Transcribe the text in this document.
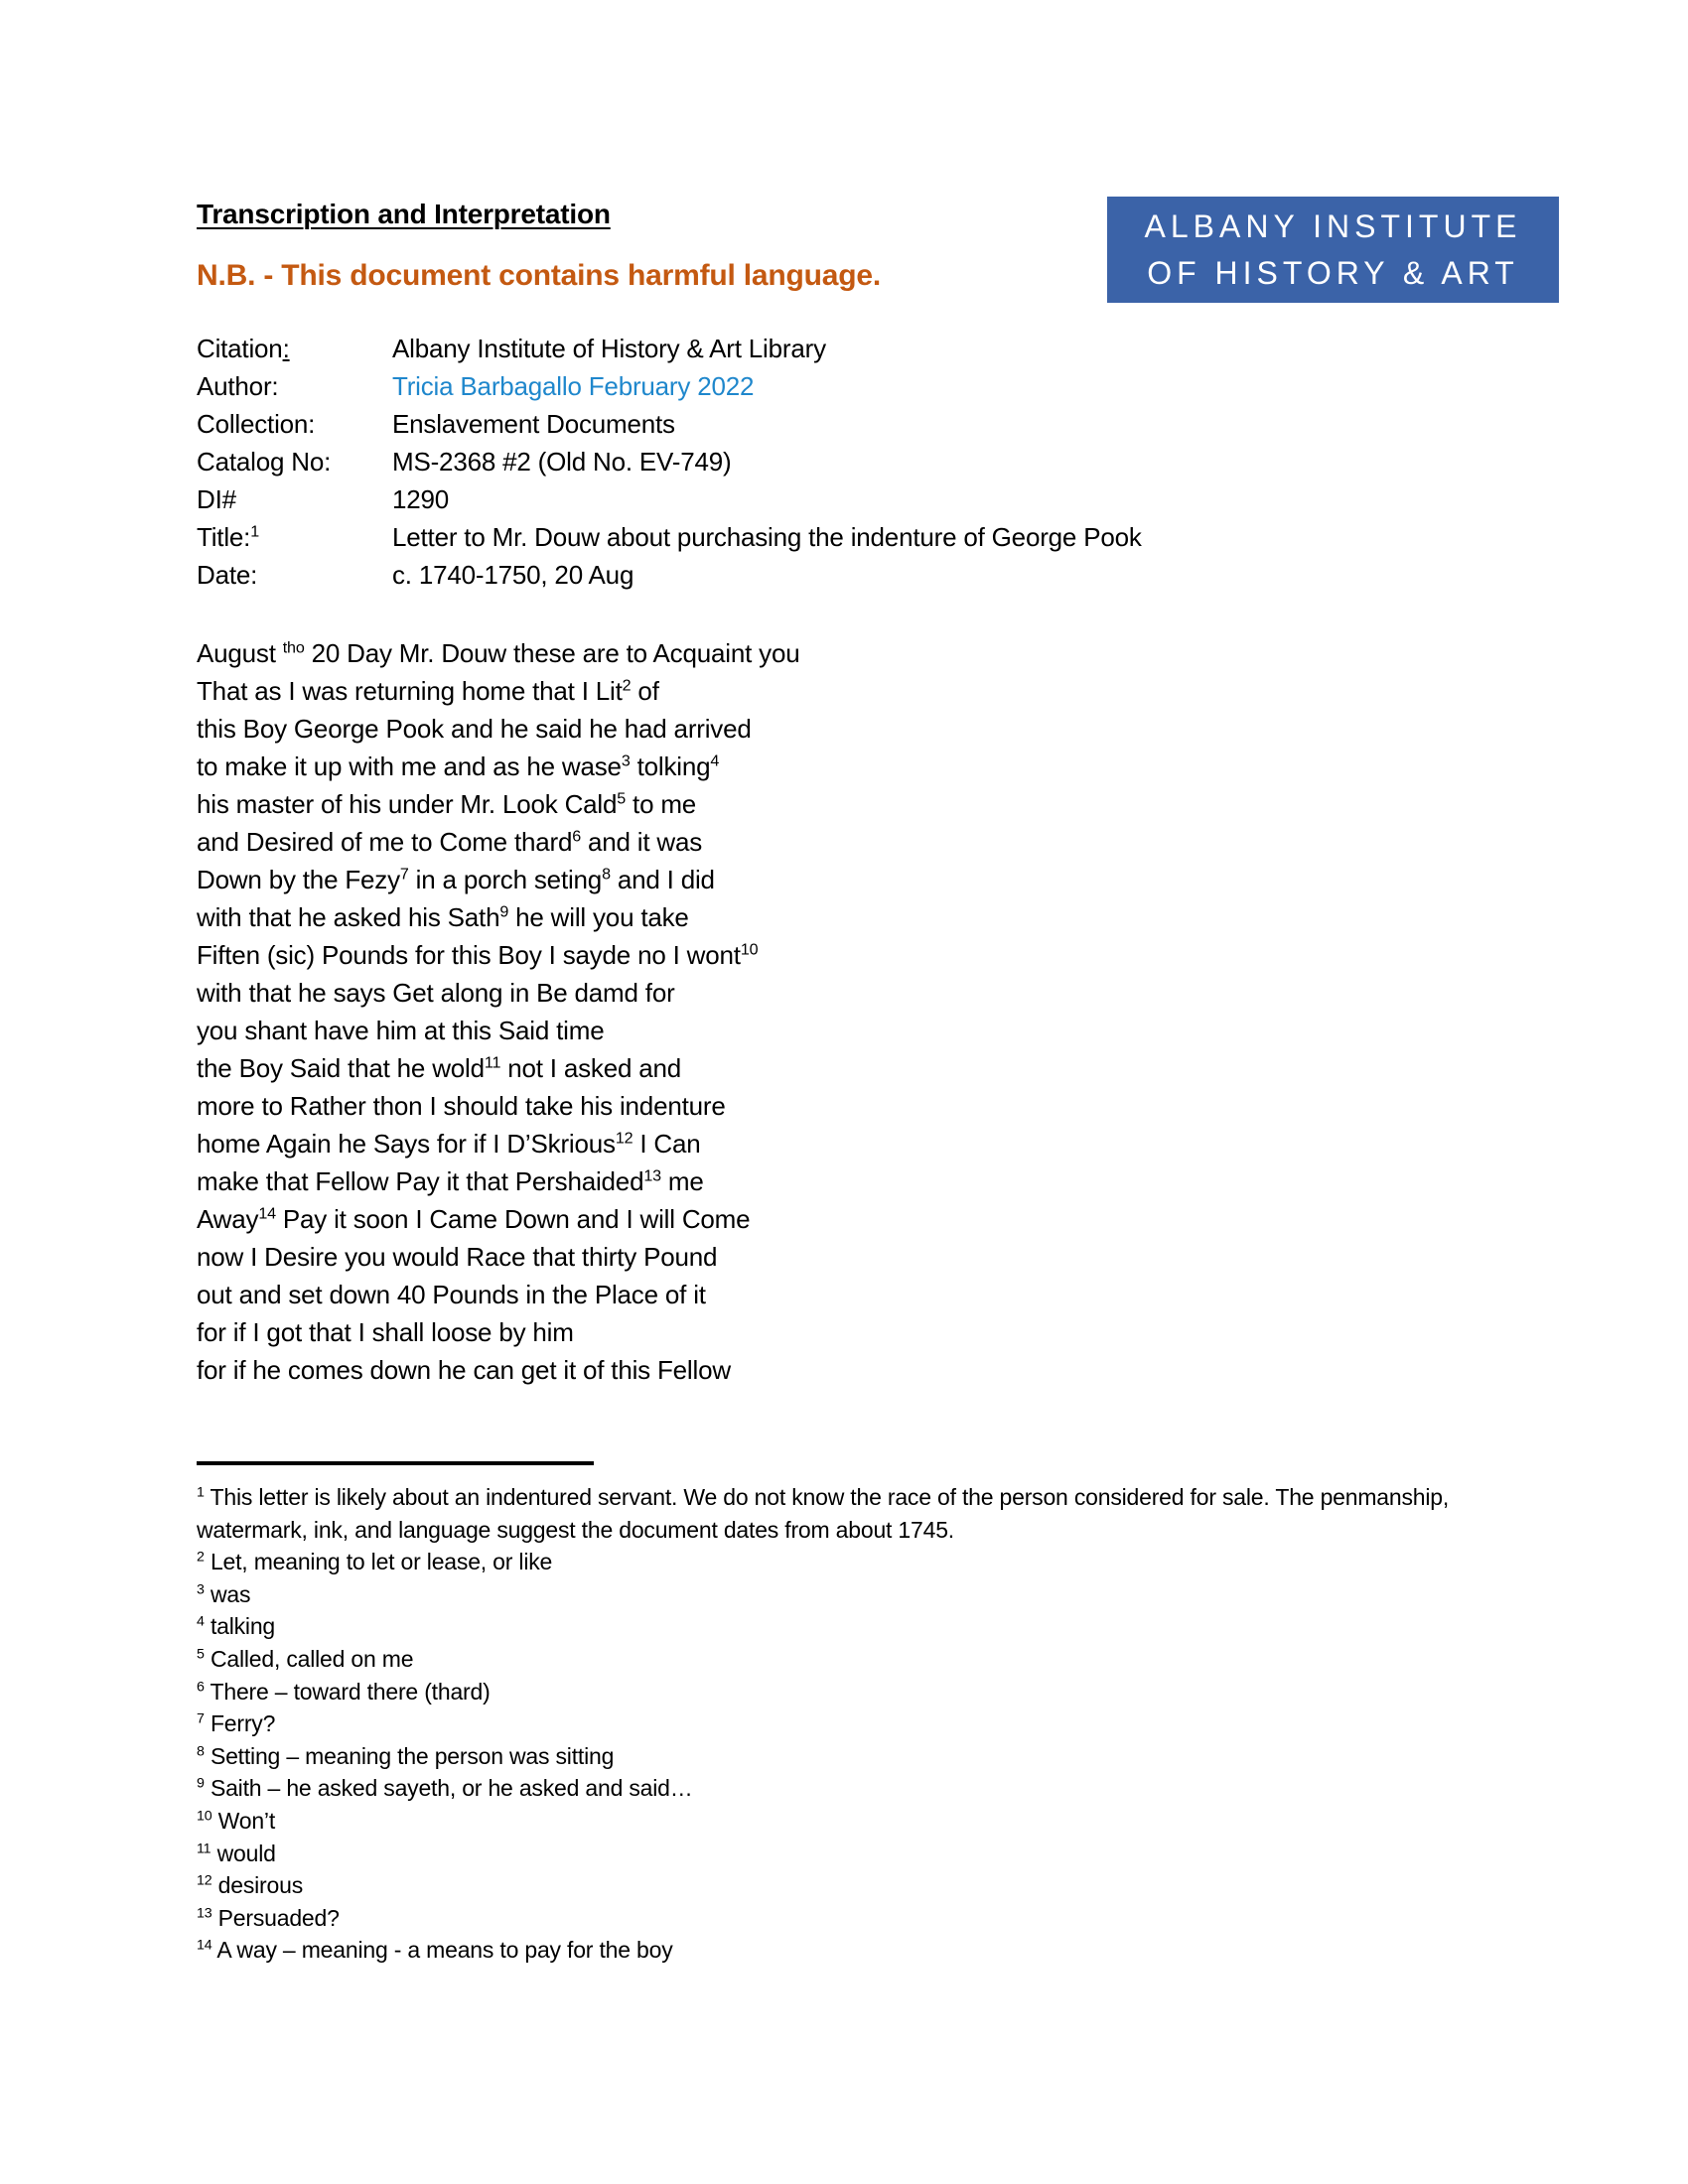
Transcription and Interpretation	ALBANY INSTITUTE
OF HISTORY & ART
N.B. - This document contains harmful language.
Citation:	Albany Institute of History & Art Library
Author:	Tricia Barbagallo February 2022
Collection:	Enslavement Documents
Catalog No:	MS-2368 #2 (Old No. EV-749)
DI#	1290
Title:$^1$	Letter to Mr. Douw about purchasing the indenture of George Pook
Date:	c. 1740-1750, 20 Aug
August $^{tho}$ 20 Day Mr. Douw these are to Acquaint you
That as I was returning home that I Lit$^2$ of
this Boy George Pook and he said he had arrived
to make it up with me and as he wase$^3$ tolking$^4$
his master of his under Mr. Look Cald$^5$ to me
and Desired of me to Come thard$^6$ and it was
Down by the Fezy$^7$ in a porch seting$^8$ and I did
with that he asked his Sath$^9$ he will you take
Fiften (sic) Pounds for this Boy I sayde no I wont$^{10}$
with that he says Get along in Be damd for
you shant have him at this Said time
the Boy Said that he wold$^{11}$ not I asked and
more to Rather thon I should take his indenture
home Again he Says for if I D’Skrious$^{12}$ I Can
make that Fellow Pay it that Pershaided$^{13}$ me
Away$^{14}$ Pay it soon I Came Down and I will Come
now I Desire you would Race that thirty Pound
out and set down 40 Pounds in the Place of it
for if I got that I shall loose by him
for if he comes down he can get it of this Fellow
$^1$ This letter is likely about an indentured servant. We do not know the race of the person considered for sale. The penmanship, watermark, ink, and language suggest the document dates from about 1745.
$^2$ Let, meaning to let or lease, or like
$^3$ was
$^4$ talking
$^5$ Called, called on me
$^6$ There – toward there (thard)
$^7$ Ferry?
$^8$ Setting – meaning the person was sitting
$^9$ Saith – he asked sayeth, or he asked and said…
$^{10}$ Won’t
$^{11}$ would
$^{12}$ desirous
$^{13}$ Persuaded?
$^{14}$ A way – meaning - a means to pay for the boy
